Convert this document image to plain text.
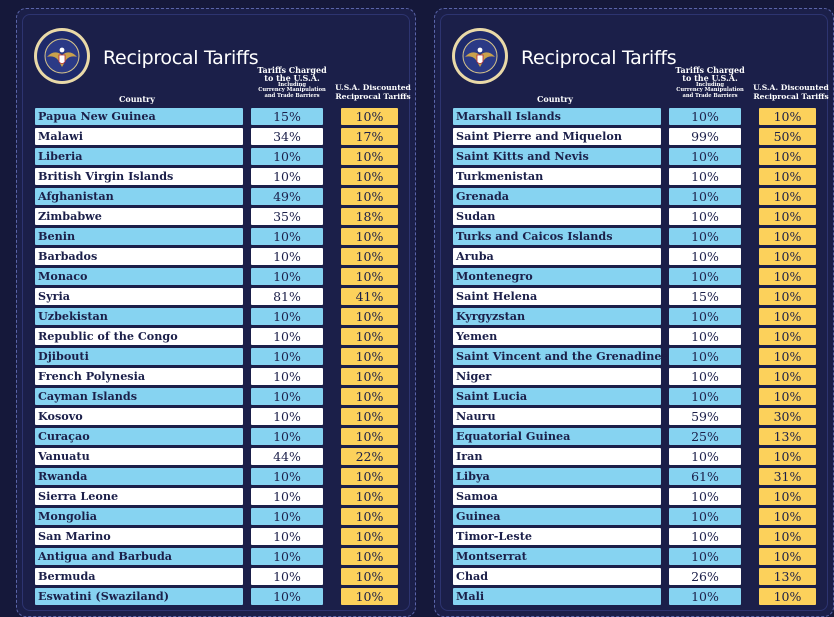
Reciprocal Tariffs
Tariffs Charged
to the U.S.A.
Including
Currency Manipulation
and Trade Barriers
U.S.A. Discounted
Reciprocal Tariffs
Country
Papua New Guinea	15%	10%
Malawi	34%	17%
Liberia	10%	10%
British Virgin Islands	10%	10%
Afghanistan	49%	10%
Zimbabwe	35%	18%
Benin	10%	10%
Barbados	10%	10%
Monaco	10%	10%
Syria	81%	41%
Uzbekistan	10%	10%
Republic of the Congo	10%	10%
Djibouti	10%	10%
French Polynesia	10%	10%
Cayman Islands	10%	10%
Kosovo	10%	10%
Curaçao	10%	10%
Vanuatu	44%	22%
Rwanda	10%	10%
Sierra Leone	10%	10%
Mongolia	10%	10%
San Marino	10%	10%
Antigua and Barbuda	10%	10%
Bermuda	10%	10%
Eswatini (Swaziland)	10%	10%
Reciprocal Tariffs
Tariffs Charged
to the U.S.A.
Including
Currency Manipulation
and Trade Barriers
U.S.A. Discounted
Reciprocal Tariffs
Country
Marshall Islands	10%	10%
Saint Pierre and Miquelon	99%	50%
Saint Kitts and Nevis	10%	10%
Turkmenistan	10%	10%
Grenada	10%	10%
Sudan	10%	10%
Turks and Caicos Islands	10%	10%
Aruba	10%	10%
Montenegro	10%	10%
Saint Helena	15%	10%
Kyrgyzstan	10%	10%
Yemen	10%	10%
Saint Vincent and the Grenadines	10%	10%
Niger	10%	10%
Saint Lucia	10%	10%
Nauru	59%	30%
Equatorial Guinea	25%	13%
Iran	10%	10%
Libya	61%	31%
Samoa	10%	10%
Guinea	10%	10%
Timor-Leste	10%	10%
Montserrat	10%	10%
Chad	26%	13%
Mali	10%	10%
